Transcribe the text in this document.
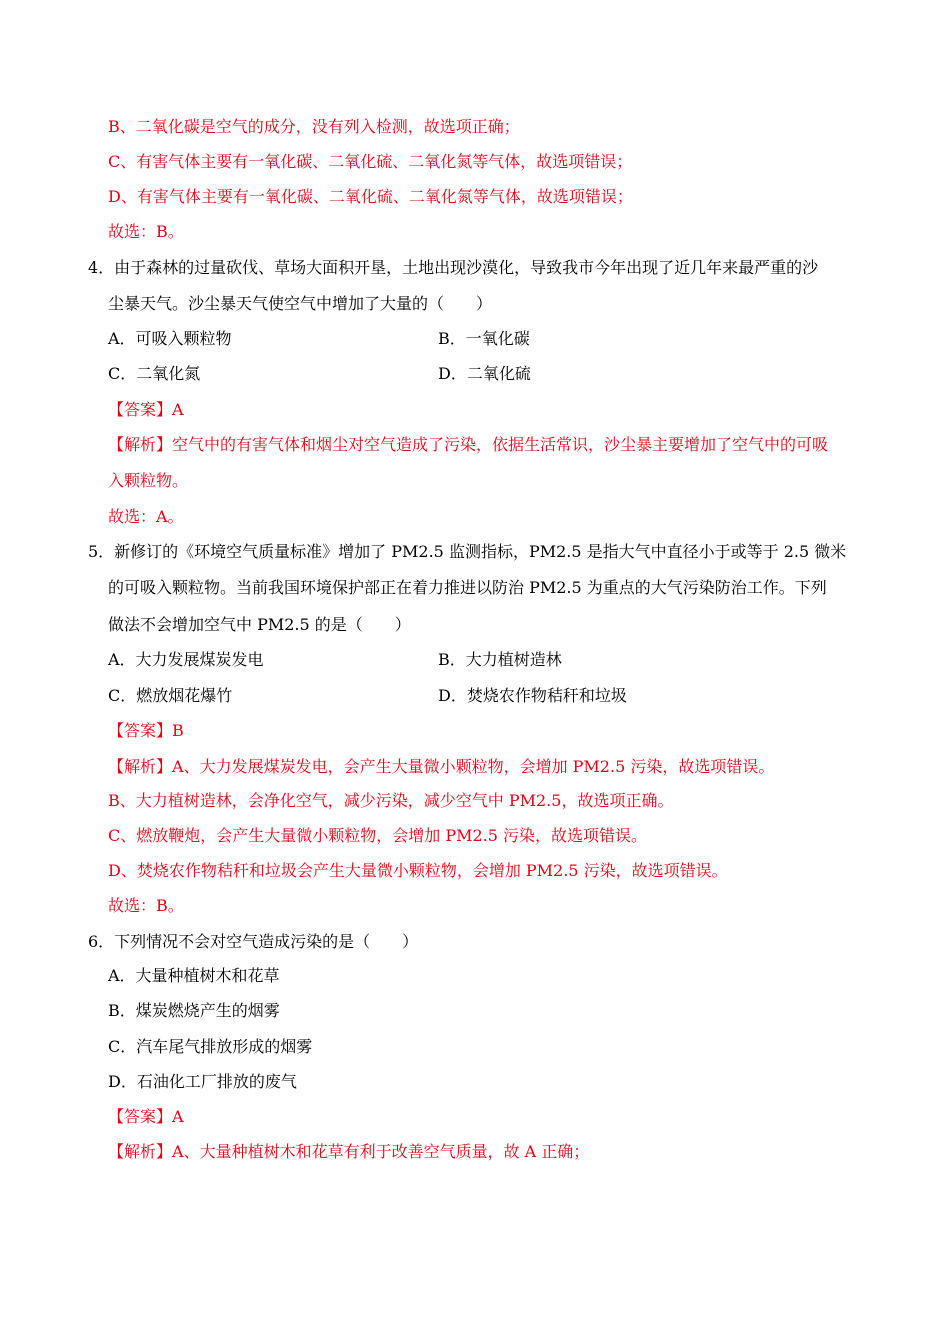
B、二氧化碳是空气的成分，没有列入检测，故选项正确；
C、有害气体主要有一氧化碳、二氧化硫、二氧化氮等气体，故选项错误；
D、有害气体主要有一氧化碳、二氧化硫、二氧化氮等气体，故选项错误；
故选：B。
4．由于森林的过量砍伐、草场大面积开垦，土地出现沙漠化，导致我市今年出现了近几年来最严重的沙
尘暴天气。沙尘暴天气使空气中增加了大量的（　　）
A．可吸入颗粒物	B．一氧化碳
C．二氧化氮	D．二氧化硫
【答案】A
【解析】空气中的有害气体和烟尘对空气造成了污染，依据生活常识，沙尘暴主要增加了空气中的可吸
入颗粒物。
故选：A。
5．新修订的《环境空气质量标准》增加了 PM2.5 监测指标，PM2.5 是指大气中直径小于或等于 2.5 微米
的可吸入颗粒物。当前我国环境保护部正在着力推进以防治 PM2.5 为重点的大气污染防治工作。下列
做法不会增加空气中 PM2.5 的是（　　）
A．大力发展煤炭发电	B．大力植树造林
C．燃放烟花爆竹	D．焚烧农作物秸秆和垃圾
【答案】B
【解析】A、大力发展煤炭发电，会产生大量微小颗粒物，会增加 PM2.5 污染，故选项错误。
B、大力植树造林，会净化空气，减少污染，减少空气中 PM2.5，故选项正确。
C、燃放鞭炮，会产生大量微小颗粒物，会增加 PM2.5 污染，故选项错误。
D、焚烧农作物秸秆和垃圾会产生大量微小颗粒物，会增加 PM2.5 污染，故选项错误。
故选：B。
6．下列情况不会对空气造成污染的是（　　）
A．大量种植树木和花草
B．煤炭燃烧产生的烟雾
C．汽车尾气排放形成的烟雾
D．石油化工厂排放的废气
【答案】A
【解析】A、大量种植树木和花草有利于改善空气质量，故 A 正确；
